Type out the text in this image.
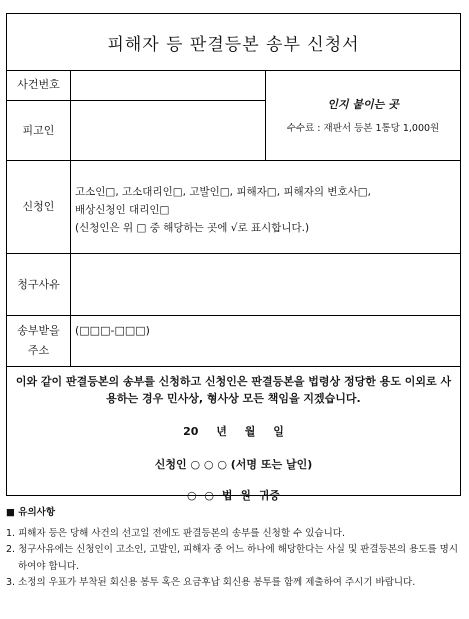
피해자 등 판결등본 송부 신청서
사건번호
피고인
인지 붙이는 곳
수수료 : 재판서 등본 1통당 1,000원
신청인
고소인□, 고소대리인□, 고발인□, 피해자□, 피해자의 변호사□,
배상신청인 대리인□
(신청인은 위 □ 중 해당하는 곳에 √로 표시합니다.)
청구사유
송부받을
주소
(□□□-□□□)
이와 같이 판결등본의 송부를 신청하고 신청인은 판결등본을 법령상 정당한 용도 이외로 사용하는 경우 민사상, 형사상 모든 책임을 지겠습니다.
20 년 월 일
신청인 ○ ○ ○ (서명 또는 날인)
○ ○ 법 원 귀중
■ 유의사항
1. 피해자 등은 당해 사건의 선고일 전에도 판결등본의 송부를 신청할 수 있습니다.
2. 청구사유에는 신청인이 고소인, 고발인, 피해자 중 어느 하나에 해당한다는 사실 및 판결등본의 용도를 명시하여야 합니다.
3. 소정의 우표가 부착된 회신용 봉투 혹은 요금후납 회신용 봉투를 함께 제출하여 주시기 바랍니다.
